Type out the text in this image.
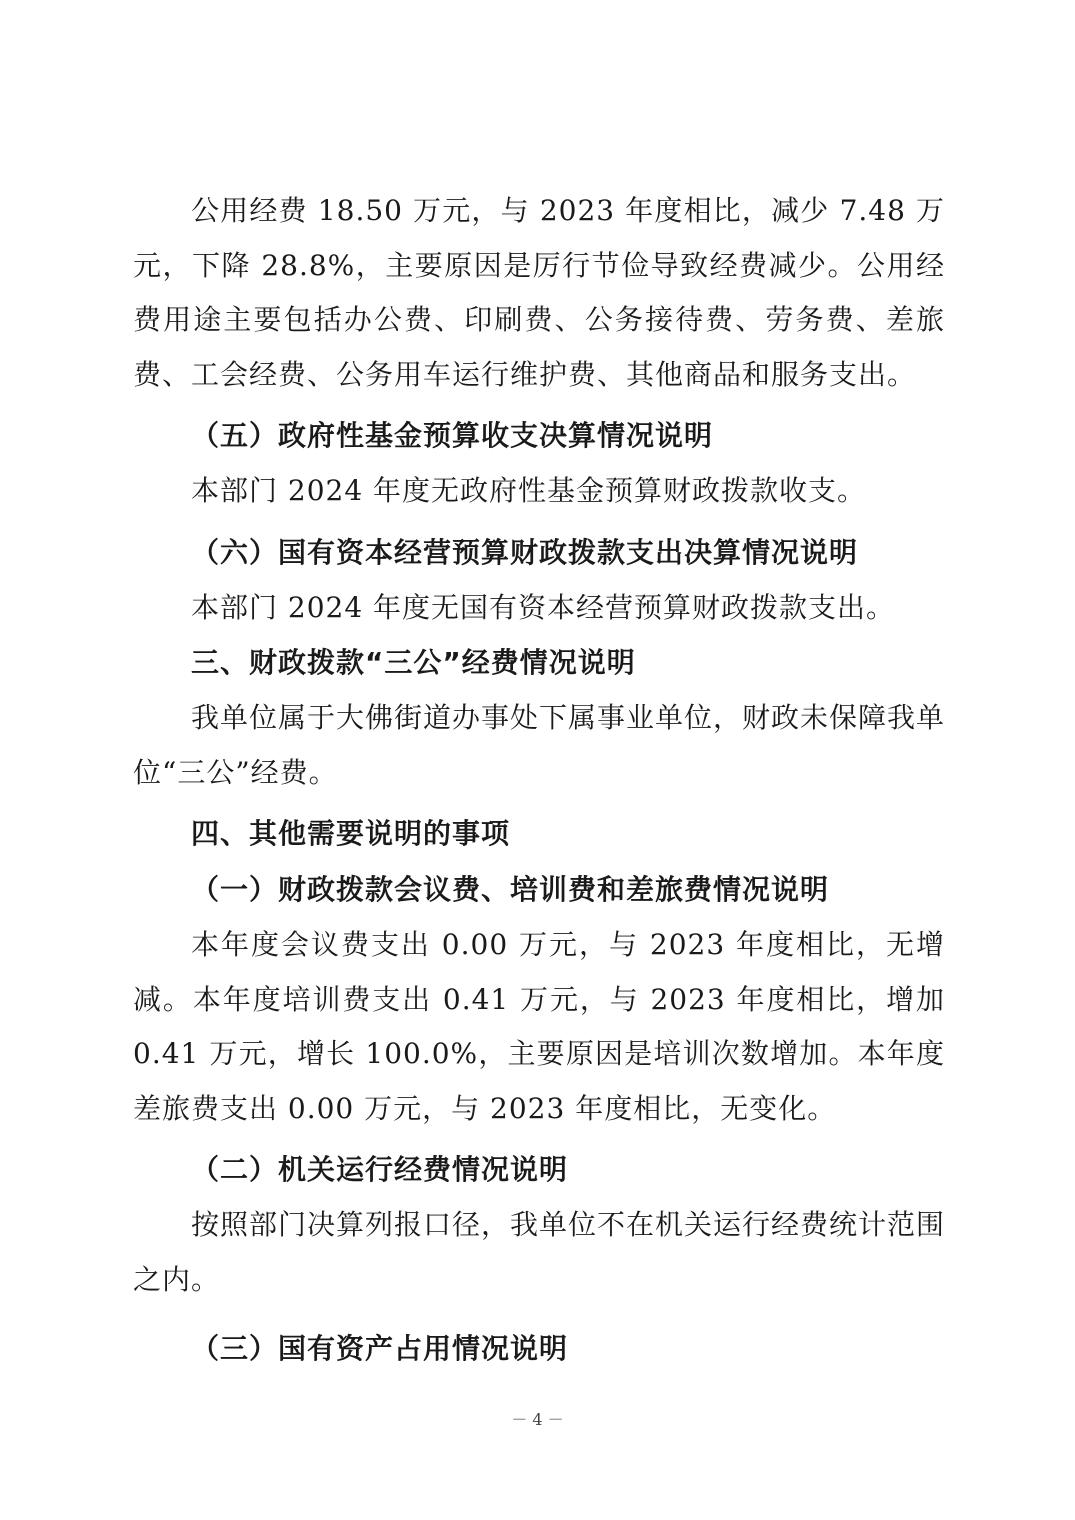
公用经费 18.50 万元，与 2023 年度相比，减少 7.48 万元，下降 28.8%，主要原因是厉行节俭导致经费减少。公用经费用途主要包括办公费、印刷费、公务接待费、劳务费、差旅费、工会经费、公务用车运行维护费、其他商品和服务支出。

（五）政府性基金预算收支决算情况说明

本部门 2024 年度无政府性基金预算财政拨款收支。

（六）国有资本经营预算财政拨款支出决算情况说明

本部门 2024 年度无国有资本经营预算财政拨款支出。

三、财政拨款“三公”经费情况说明

我单位属于大佛街道办事处下属事业单位，财政未保障我单位“三公”经费。

四、其他需要说明的事项

（一）财政拨款会议费、培训费和差旅费情况说明

本年度会议费支出 0.00 万元，与 2023 年度相比，无增减。本年度培训费支出 0.41 万元，与 2023 年度相比，增加 0.41 万元，增长 100.0%，主要原因是培训次数增加。本年度差旅费支出 0.00 万元，与 2023 年度相比，无变化。

（二）机关运行经费情况说明

按照部门决算列报口径，我单位不在机关运行经费统计范围之内。

（三）国有资产占用情况说明

－ 4 －
